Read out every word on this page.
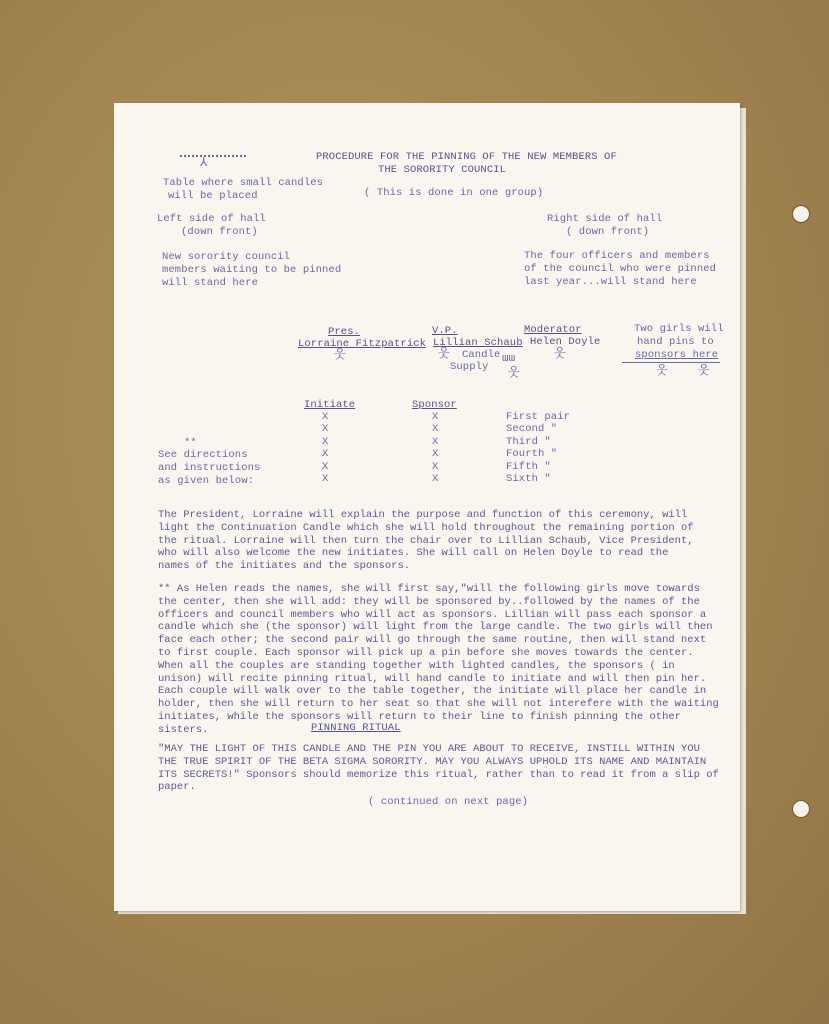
PROCEDURE FOR THE PINNING OF THE NEW MEMBERS OF
THE SORORITY COUNCIL
( This is done in one group)
⅄
Table where small candles
will be placed
Left side of hall
(down front)
Right side of hall
( down front)
New sorority council
members waiting to be pinned
will stand here
The four officers and members
of the council who were pinned
last year...will stand here
Pres.
Lorraine Fitzpatrick
웃
V.P.
Lillian Schaub
웃
Moderator
Helen Doyle
웃
Candle
Supply
ɯɯ
웃
Two girls will
hand pins to
sponsors here
웃	웃
Initiate	Sponsor
X	X	First pair
X	X	Second "
X	X	Third "
X	X	Fourth "
X	X	Fifth "
X	X	Sixth "
**
See directions
and instructions
as given below:
The President, Lorraine will explain the purpose and function of this ceremony, will light the Continuation Candle which she will hold throughout the remaining portion of the ritual. Lorraine will then turn the chair over to Lillian Schaub, Vice President, who will also welcome the new initiates. She will call on Helen Doyle to read the names of the initiates and the sponsors.
** As Helen reads the names, she will first say,"will the following girls move towards the center, then she will add: they will be sponsored by..followed by the names of the officers and council members who will act as sponsors. Lillian will pass each sponsor a candle which she (the sponsor) will light from the large candle. The two girls will then face each other; the second pair will go through the same routine, then will stand next to first couple. Each sponsor will pick up a pin before she moves towards the center. When all the couples are standing together with lighted candles, the sponsors ( in unison) will recite pinning ritual, will hand candle to initiate and will then pin her. Each couple will walk over to the table together, the initiate will place her candle in holder, then she will return to her seat so that she will not interefere with the waiting initiates, while the sponsors will return to their line to finish pinning the other sisters.	PINNING RITUAL
"MAY THE LIGHT OF THIS CANDLE AND THE PIN YOU ARE ABOUT TO RECEIVE, INSTILL WITHIN YOU THE TRUE SPIRIT OF THE BETA SIGMA SORORITY. MAY YOU ALWAYS UPHOLD ITS NAME AND MAINTAIN ITS SECRETS!" Sponsors should memorize this ritual, rather than to read it from a slip of paper.
( continued on next page)
